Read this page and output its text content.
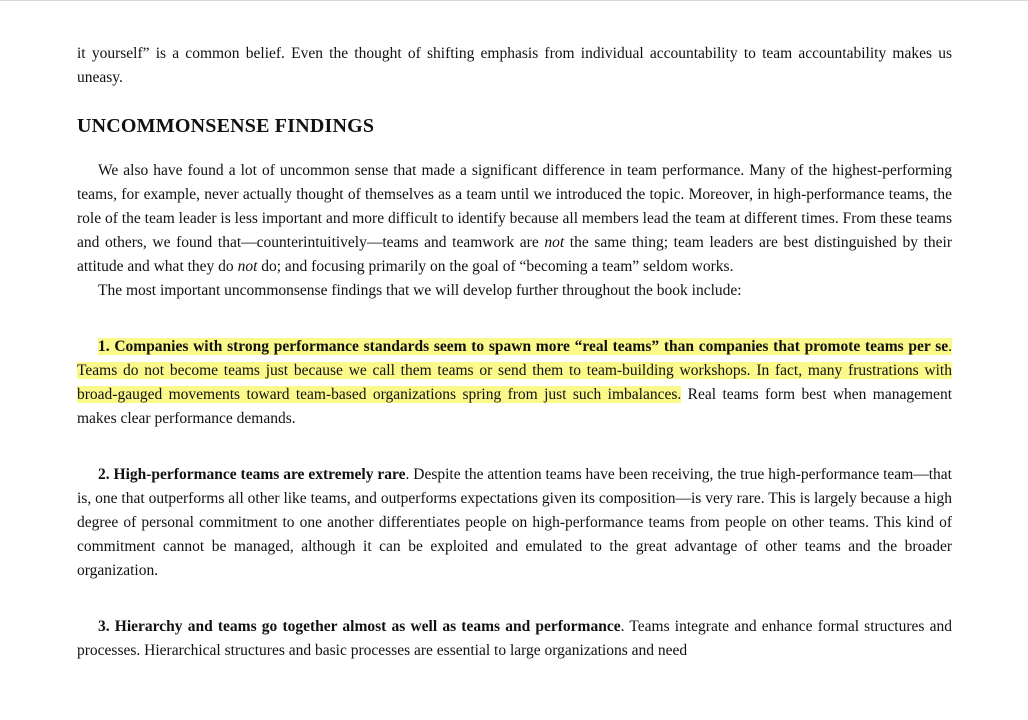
it yourself” is a common belief. Even the thought of shifting emphasis from individual accountability to team accountability makes us uneasy.

UNCOMMONSENSE FINDINGS

We also have found a lot of uncommon sense that made a significant difference in team performance. Many of the highest-performing teams, for example, never actually thought of themselves as a team until we introduced the topic. Moreover, in high-performance teams, the role of the team leader is less important and more difficult to identify because all members lead the team at different times. From these teams and others, we found that—counterintuitively—teams and teamwork are not the same thing; team leaders are best distinguished by their attitude and what they do not do; and focusing primarily on the goal of “becoming a team” seldom works.

The most important uncommonsense findings that we will develop further throughout the book include:

1. Companies with strong performance standards seem to spawn more “real teams” than companies that promote teams per se. Teams do not become teams just because we call them teams or send them to team-building workshops. In fact, many frustrations with broad-gauged movements toward team-based organizations spring from just such imbalances. Real teams form best when management makes clear performance demands.

2. High-performance teams are extremely rare. Despite the attention teams have been receiving, the true high-performance team—that is, one that outperforms all other like teams, and outperforms expectations given its composition—is very rare. This is largely because a high degree of personal commitment to one another differentiates people on high-performance teams from people on other teams. This kind of commitment cannot be managed, although it can be exploited and emulated to the great advantage of other teams and the broader organization.

3. Hierarchy and teams go together almost as well as teams and performance. Teams integrate and enhance formal structures and processes. Hierarchical structures and basic processes are essential to large organizations and need
